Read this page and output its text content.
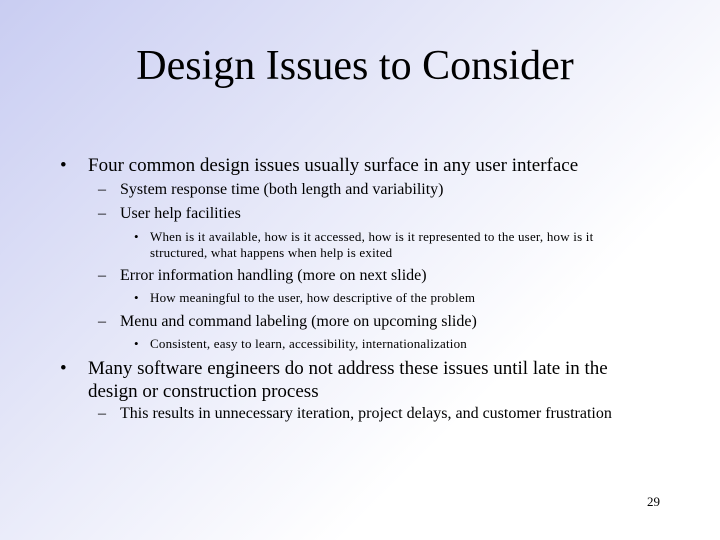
Design Issues to Consider
• Four common design issues usually surface in any user interface
– System response time (both length and variability)
– User help facilities
• When is it available, how is it accessed, how is it represented to the user, how is it structured, what happens when help is exited
– Error information handling (more on next slide)
• How meaningful to the user, how descriptive of the problem
– Menu and command labeling (more on upcoming slide)
• Consistent, easy to learn, accessibility, internationalization
• Many software engineers do not address these issues until late in the design or construction process
– This results in unnecessary iteration, project delays, and customer frustration
29
